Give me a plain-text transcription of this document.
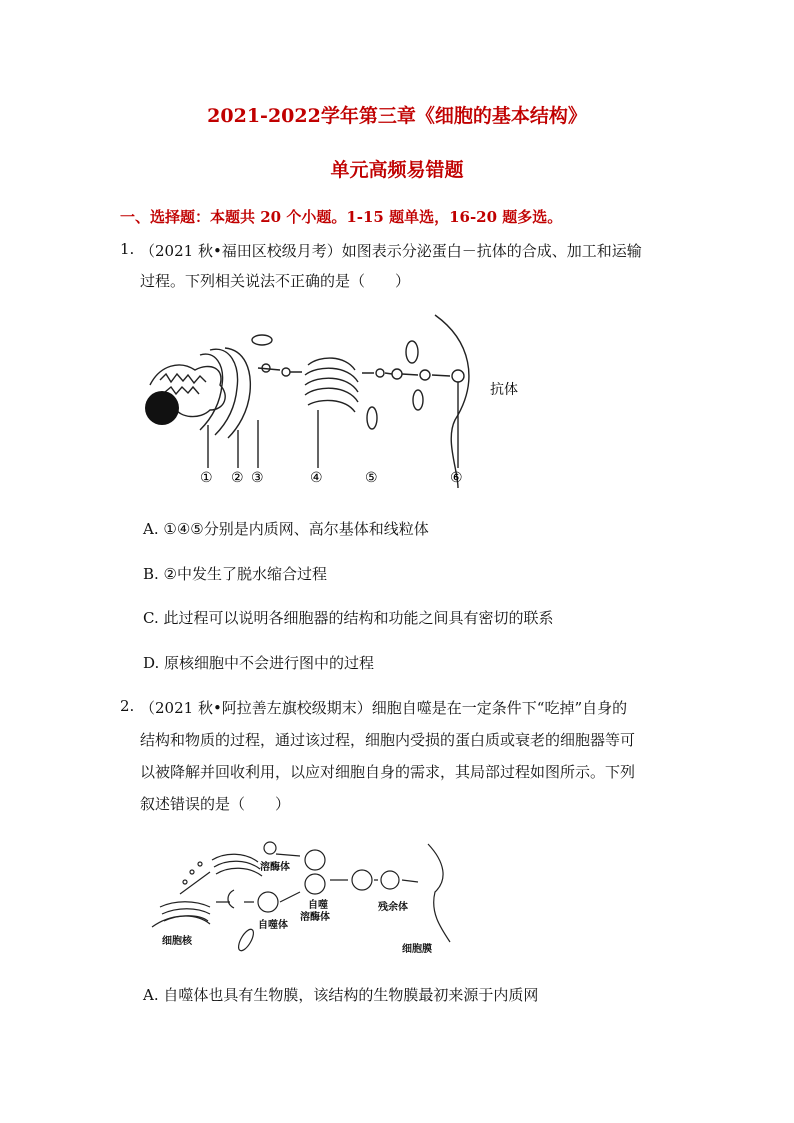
2021-2022学年第三章《细胞的基本结构》
单元高频易错题
一、选择题：本题共 20 个小题。1-15 题单选，16-20 题多选。
1. （2021 秋•福田区校级月考）如图表示分泌蛋白－抗体的合成、加工和运输
过程。下列相关说法不正确的是（　　）
抗体
① ② ③	④	⑤	⑥
A. ①④⑤分别是内质网、高尔基体和线粒体
B. ②中发生了脱水缩合过程
C. 此过程可以说明各细胞器的结构和功能之间具有密切的联系
D. 原核细胞中不会进行图中的过程
2. （2021 秋•阿拉善左旗校级期末）细胞自噬是在一定条件下“吃掉”自身的
结构和物质的过程，通过该过程，细胞内受损的蛋白质或衰老的细胞器等可
以被降解并回收利用，以应对细胞自身的需求，其局部过程如图所示。下列
叙述错误的是（　　）
溶酶体
自噬体
自噬
溶酶体
残余体
细胞核
细胞膜
A. 自噬体也具有生物膜，该结构的生物膜最初来源于内质网
